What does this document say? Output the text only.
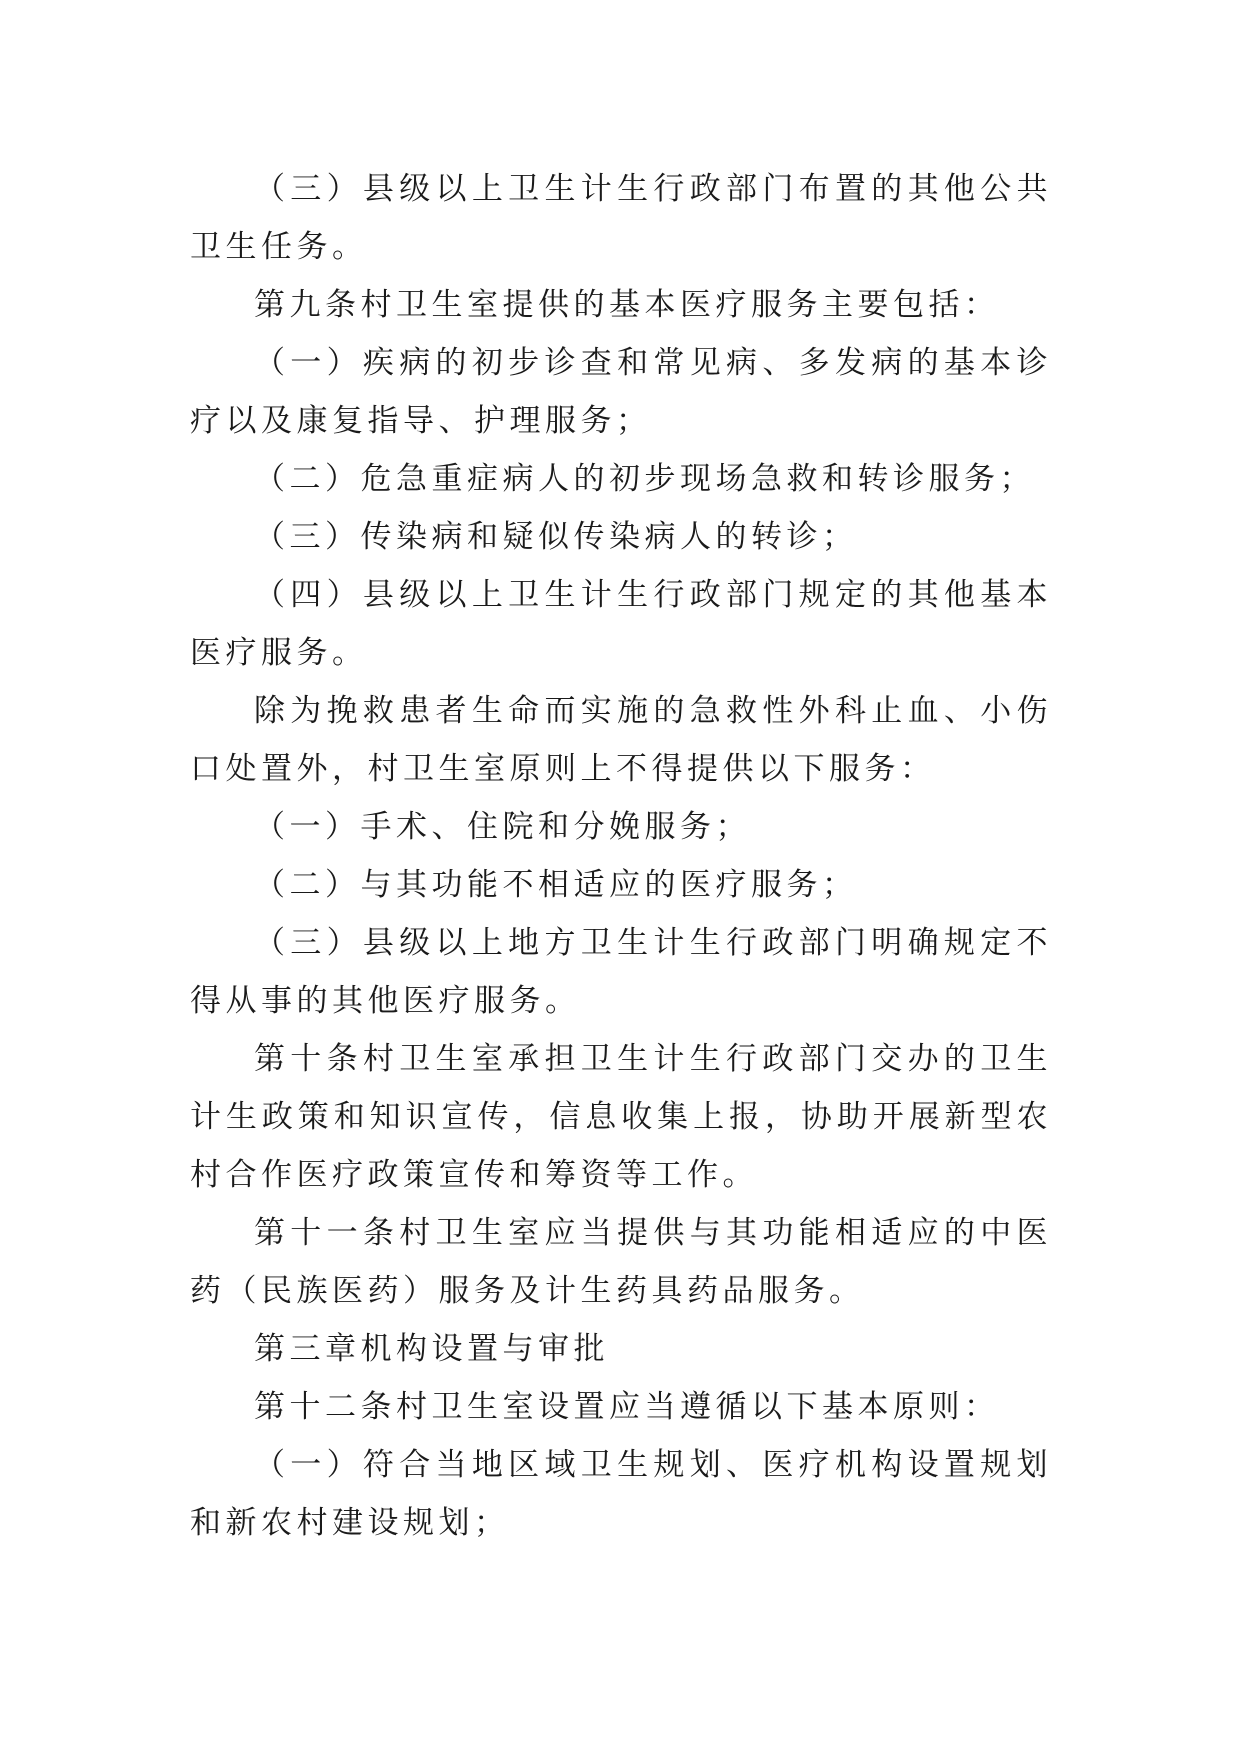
（三）县级以上卫生计生行政部门布置的其他公共卫生任务。

第九条村卫生室提供的基本医疗服务主要包括：

（一）疾病的初步诊查和常见病、多发病的基本诊疗以及康复指导、护理服务；

（二）危急重症病人的初步现场急救和转诊服务；

（三）传染病和疑似传染病人的转诊；

（四）县级以上卫生计生行政部门规定的其他基本医疗服务。

除为挽救患者生命而实施的急救性外科止血、小伤口处置外，村卫生室原则上不得提供以下服务：

（一）手术、住院和分娩服务；

（二）与其功能不相适应的医疗服务；

（三）县级以上地方卫生计生行政部门明确规定不得从事的其他医疗服务。

第十条村卫生室承担卫生计生行政部门交办的卫生计生政策和知识宣传，信息收集上报，协助开展新型农村合作医疗政策宣传和筹资等工作。

第十一条村卫生室应当提供与其功能相适应的中医药（民族医药）服务及计生药具药品服务。

第三章机构设置与审批

第十二条村卫生室设置应当遵循以下基本原则：

（一）符合当地区域卫生规划、医疗机构设置规划和新农村建设规划；
